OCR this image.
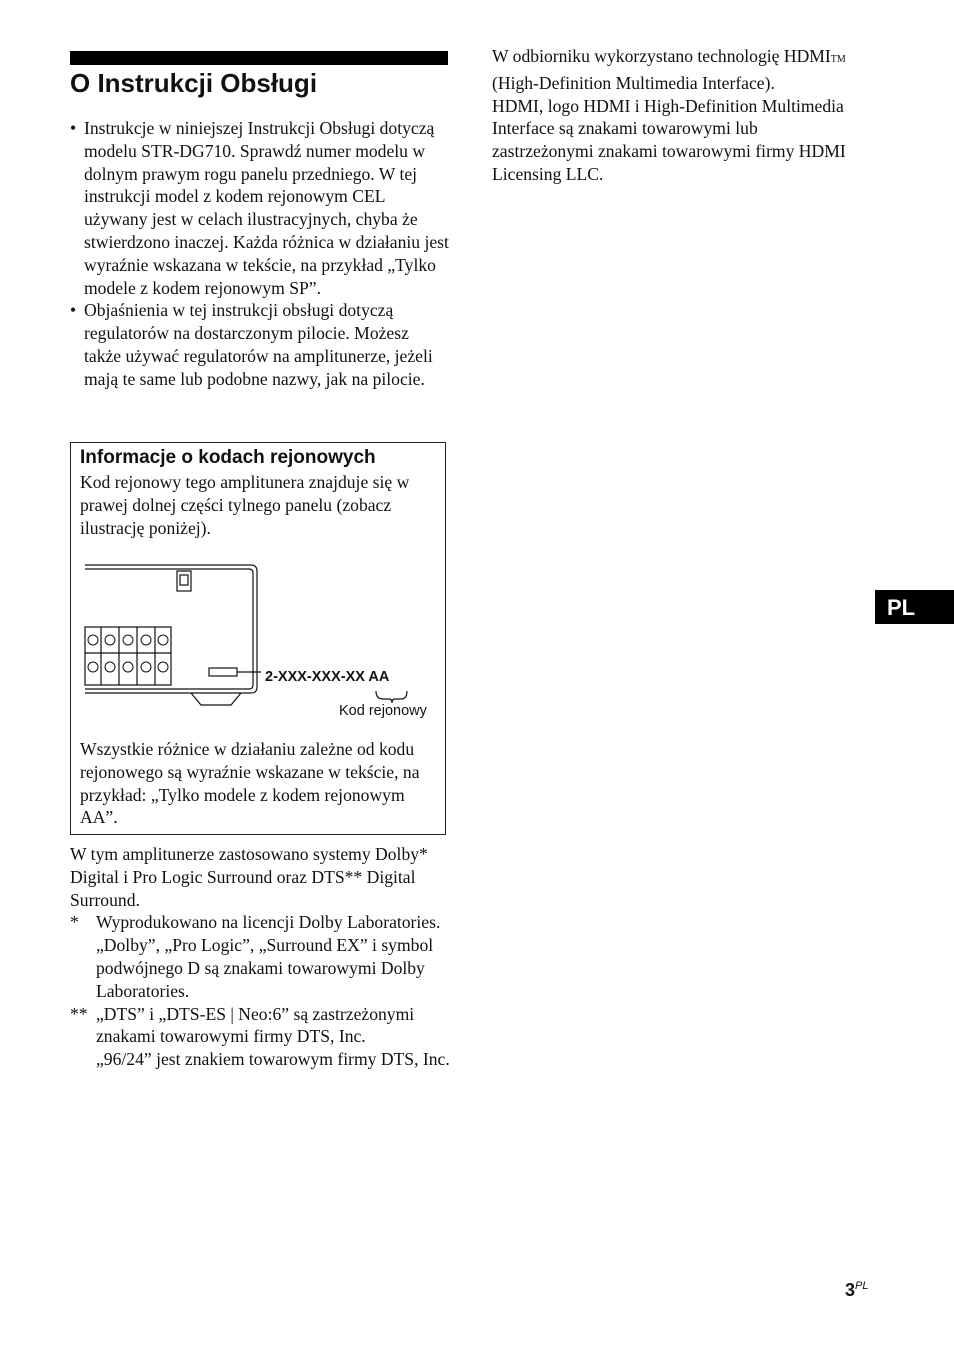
O Instrukcji Obsługi
• Instrukcje w niniejszej Instrukcji Obsługi dotyczą modelu STR-DG710. Sprawdź numer modelu w dolnym prawym rogu panelu przedniego. W tej instrukcji model z kodem rejonowym CEL używany jest w celach ilustracyjnych, chyba że stwierdzono inaczej. Każda różnica w działaniu jest wyraźnie wskazana w tekście, na przykład „Tylko modele z kodem rejonowym SP”.
• Objaśnienia w tej instrukcji obsługi dotyczą regulatorów na dostarczonym pilocie. Możesz także używać regulatorów na amplitunerze, jeżeli mają te same lub podobne nazwy, jak na pilocie.
Informacje o kodach rejonowych
Kod rejonowy tego amplitunera znajduje się w prawej dolnej części tylnego panelu (zobacz ilustrację poniżej).
2-XXX-XXX-XX AA
Kod rejonowy
Wszystkie różnice w działaniu zależne od kodu rejonowego są wyraźnie wskazane w tekście, na przykład: „Tylko modele z kodem rejonowym AA”.
W tym amplitunerze zastosowano systemy Dolby* Digital i Pro Logic Surround oraz DTS** Digital Surround.
* Wyprodukowano na licencji Dolby Laboratories.
„Dolby”, „Pro Logic”, „Surround EX” i symbol podwójnego D są znakami towarowymi Dolby Laboratories.
** „DTS” i „DTS-ES | Neo:6” są zastrzeżonymi znakami towarowymi firmy DTS, Inc.
„96/24” jest znakiem towarowym firmy DTS, Inc.
W odbiorniku wykorzystano technologię HDMITM (High-Definition Multimedia Interface).
HDMI, logo HDMI i High-Definition Multimedia Interface są znakami towarowymi lub zastrzeżonymi znakami towarowymi firmy HDMI Licensing LLC.
PL
$3^{PL}$
